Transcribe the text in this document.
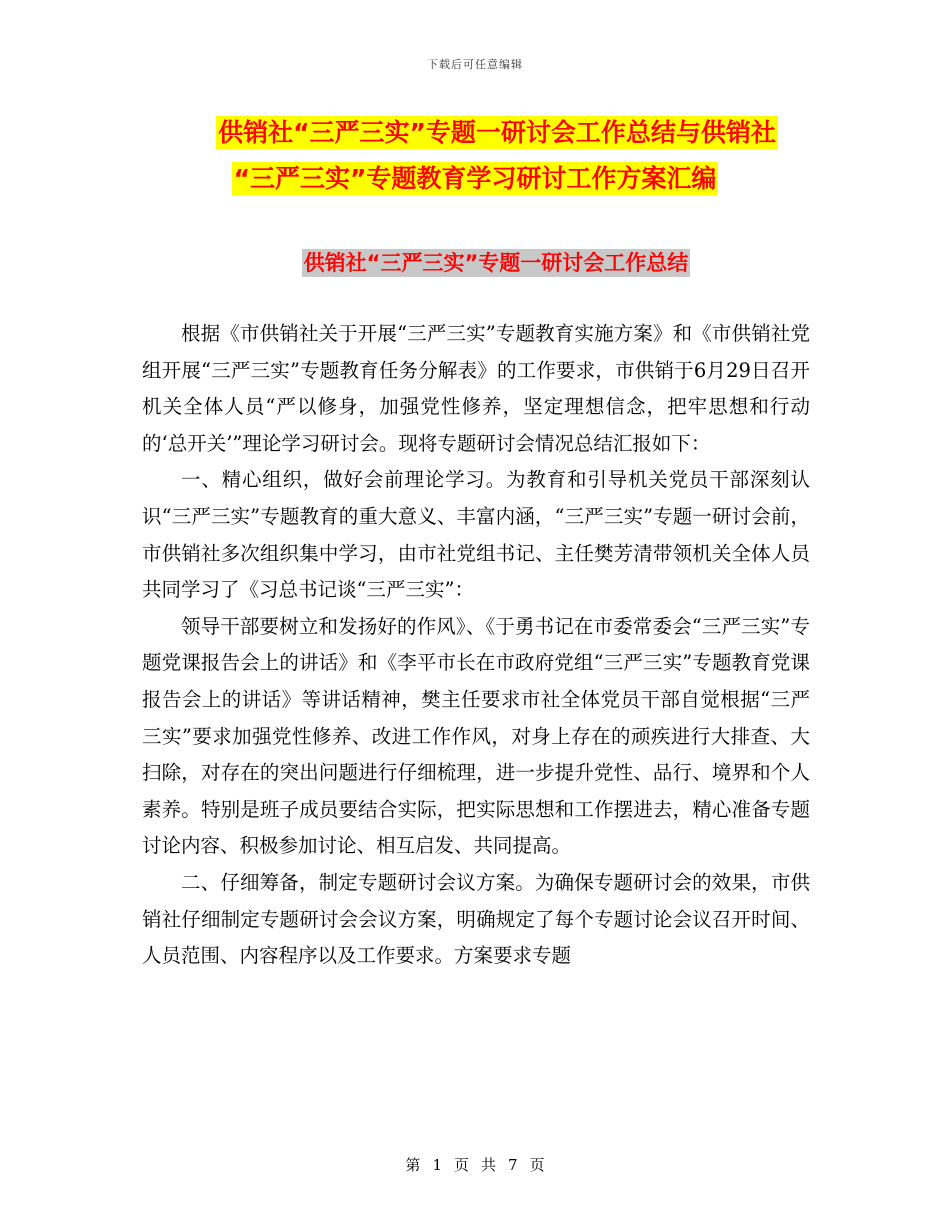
下载后可任意编辑
供销社“三严三实”专题一研讨会工作总结与供销社
“三严三实”专题教育学习研讨工作方案汇编
供销社“三严三实”专题一研讨会工作总结

根据《市供销社关于开展“三严三实”专题教育实施方案》和《市供销社党组开展“三严三实”专题教育任务分解表》的工作要求，市供销于6月29日召开机关全体人员“严以修身，加强党性修养，坚定理想信念，把牢思想和行动的‘总开关’”理论学习研讨会。现将专题研讨会情况总结汇报如下：

一、精心组织，做好会前理论学习。为教育和引导机关党员干部深刻认识“三严三实”专题教育的重大意义、丰富内涵，“三严三实”专题一研讨会前，市供销社多次组织集中学习，由市社党组书记、主任樊芳清带领机关全体人员共同学习了《习总书记谈“三严三实”：

领导干部要树立和发扬好的作风》、《于勇书记在市委常委会“三严三实”专题党课报告会上的讲话》和《李平市长在市政府党组“三严三实”专题教育党课报告会上的讲话》等讲话精神，樊主任要求市社全体党员干部自觉根据“三严三实”要求加强党性修养、改进工作作风，对身上存在的顽疾进行大排查、大扫除，对存在的突出问题进行仔细梳理，进一步提升党性、品行、境界和个人素养。特别是班子成员要结合实际，把实际思想和工作摆进去，精心准备专题讨论内容、积极参加讨论、相互启发、共同提高。

二、仔细筹备，制定专题研讨会议方案。为确保专题研讨会的效果，市供销社仔细制定专题研讨会会议方案，明确规定了每个专题讨论会议召开时间、人员范围、内容程序以及工作要求。方案要求专题

第 1 页 共 7 页
